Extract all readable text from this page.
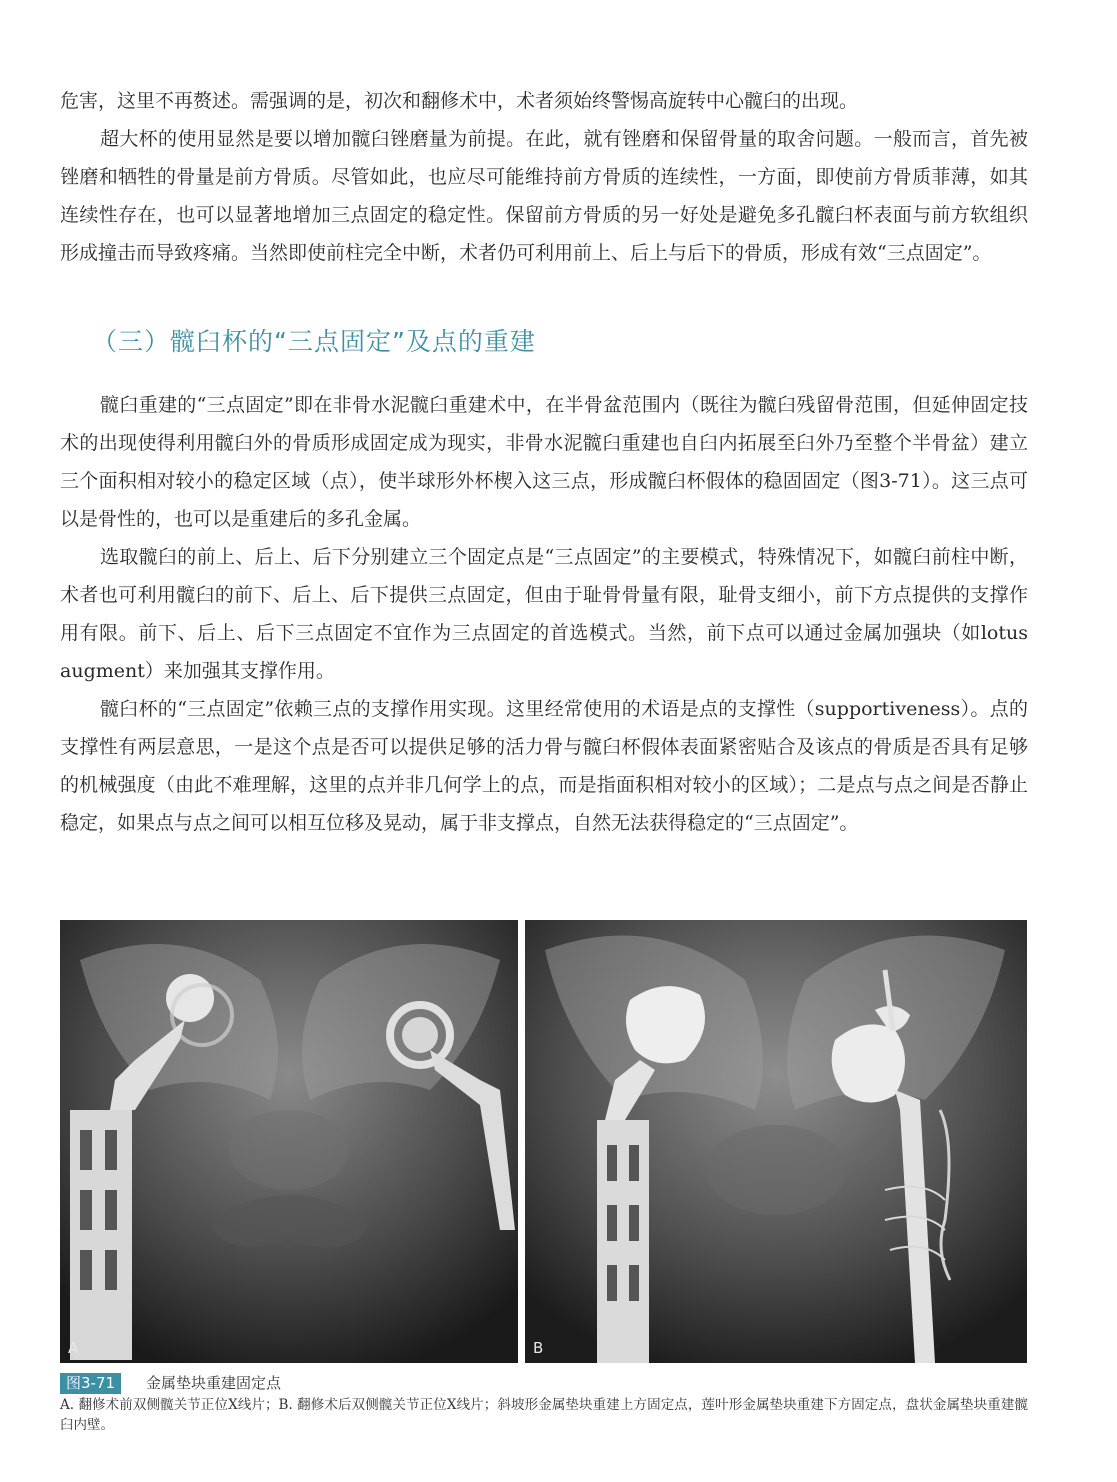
危害，这里不再赘述。需强调的是，初次和翻修术中，术者须始终警惕高旋转中心髋臼的出现。

超大杯的使用显然是要以增加髋臼锉磨量为前提。在此，就有锉磨和保留骨量的取舍问题。一般而言，首先被锉磨和牺牲的骨量是前方骨质。尽管如此，也应尽可能维持前方骨质的连续性，一方面，即使前方骨质菲薄，如其连续性存在，也可以显著地增加三点固定的稳定性。保留前方骨质的另一好处是避免多孔髋臼杯表面与前方软组织形成撞击而导致疼痛。当然即使前柱完全中断，术者仍可利用前上、后上与后下的骨质，形成有效“三点固定”。

（三）髋臼杯的“三点固定”及点的重建

髋臼重建的“三点固定”即在非骨水泥髋臼重建术中，在半骨盆范围内（既往为髋臼残留骨范围，但延伸固定技术的出现使得利用髋臼外的骨质形成固定成为现实，非骨水泥髋臼重建也自臼内拓展至臼外乃至整个半骨盆）建立三个面积相对较小的稳定区域（点），使半球形外杯楔入这三点，形成髋臼杯假体的稳固固定（图3-71）。这三点可以是骨性的，也可以是重建后的多孔金属。

选取髋臼的前上、后上、后下分别建立三个固定点是“三点固定”的主要模式，特殊情况下，如髋臼前柱中断，术者也可利用髋臼的前下、后上、后下提供三点固定，但由于耻骨骨量有限，耻骨支细小，前下方点提供的支撑作用有限。前下、后上、后下三点固定不宜作为三点固定的首选模式。当然，前下点可以通过金属加强块（如lotus augment）来加强其支撑作用。

髋臼杯的“三点固定”依赖三点的支撑作用实现。这里经常使用的术语是点的支撑性（supportiveness）。点的支撑性有两层意思，一是这个点是否可以提供足够的活力骨与髋臼杯假体表面紧密贴合及该点的骨质是否具有足够的机械强度（由此不难理解，这里的点并非几何学上的点，而是指面积相对较小的区域）；二是点与点之间是否静止稳定，如果点与点之间可以相互位移及晃动，属于非支撑点，自然无法获得稳定的“三点固定”。

A	B
图3-71	金属垫块重建固定点

A. 翻修术前双侧髋关节正位X线片；B. 翻修术后双侧髋关节正位X线片；斜坡形金属垫块重建上方固定点，莲叶形金属垫块重建下方固定点，盘状金属垫块重建髋臼内壁。
